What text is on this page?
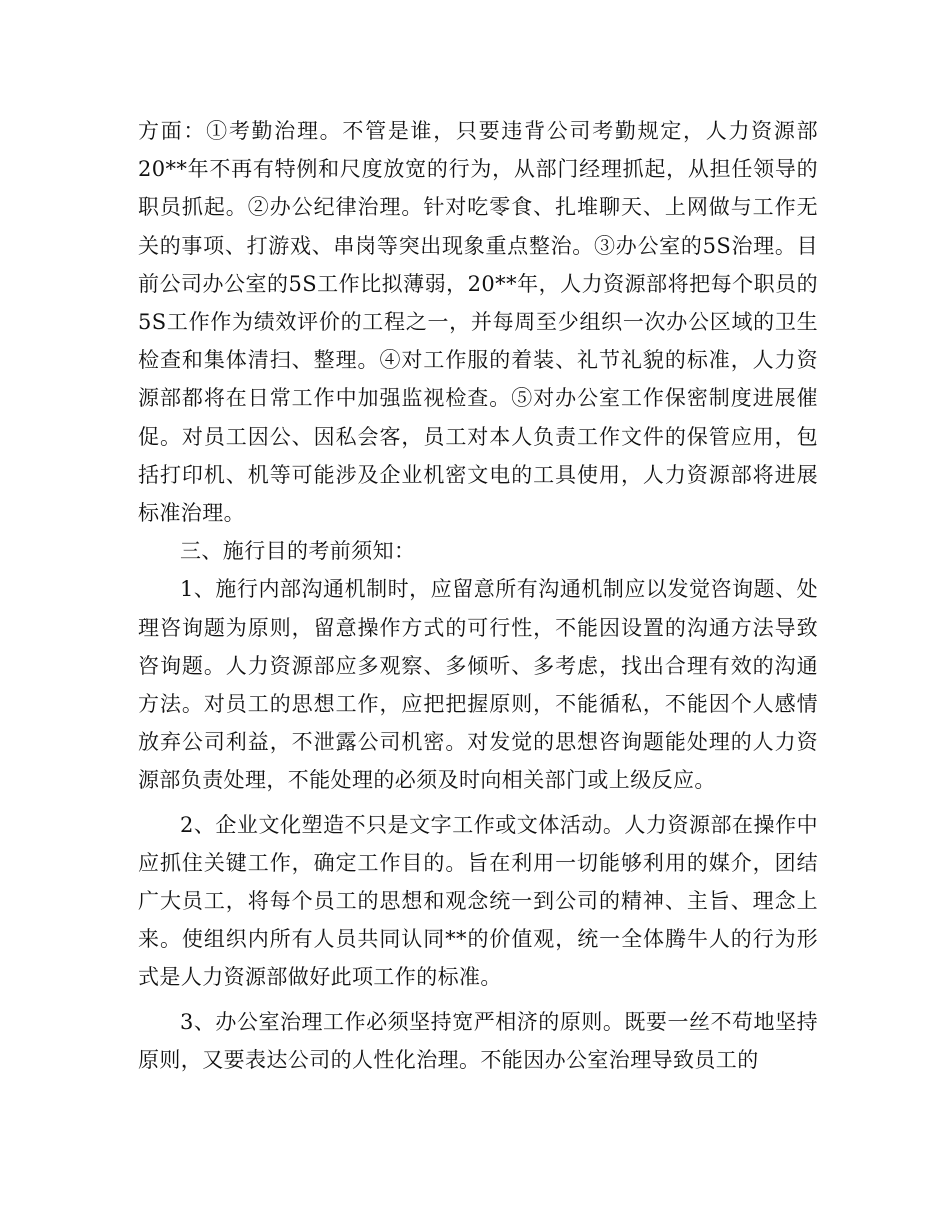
方面：①考勤治理。不管是谁，只要违背公司考勤规定，人力资源部20**年不再有特例和尺度放宽的行为，从部门经理抓起，从担任领导的职员抓起。②办公纪律治理。针对吃零食、扎堆聊天、上网做与工作无关的事项、打游戏、串岗等突出现象重点整治。③办公室的5S治理。目前公司办公室的5S工作比拟薄弱，20**年，人力资源部将把每个职员的5S工作作为绩效评价的工程之一，并每周至少组织一次办公区域的卫生检查和集体清扫、整理。④对工作服的着装、礼节礼貌的标准，人力资源部都将在日常工作中加强监视检查。⑤对办公室工作保密制度进展催促。对员工因公、因私会客，员工对本人负责工作文件的保管应用，包括打印机、机等可能涉及企业机密文电的工具使用，人力资源部将进展标准治理。

三、施行目的考前须知：

1、施行内部沟通机制时，应留意所有沟通机制应以发觉咨询题、处理咨询题为原则，留意操作方式的可行性，不能因设置的沟通方法导致咨询题。人力资源部应多观察、多倾听、多考虑，找出合理有效的沟通方法。对员工的思想工作，应把把握原则，不能循私，不能因个人感情放弃公司利益，不泄露公司机密。对发觉的思想咨询题能处理的人力资源部负责处理，不能处理的必须及时向相关部门或上级反应。

2、企业文化塑造不只是文字工作或文体活动。人力资源部在操作中应抓住关键工作，确定工作目的。旨在利用一切能够利用的媒介，团结广大员工，将每个员工的思想和观念统一到公司的精神、主旨、理念上来。使组织内所有人员共同认同**的价值观，统一全体腾牛人的行为形式是人力资源部做好此项工作的标准。

3、办公室治理工作必须坚持宽严相济的原则。既要一丝不苟地坚持原则，又要表达公司的人性化治理。不能因办公室治理导致员工的
